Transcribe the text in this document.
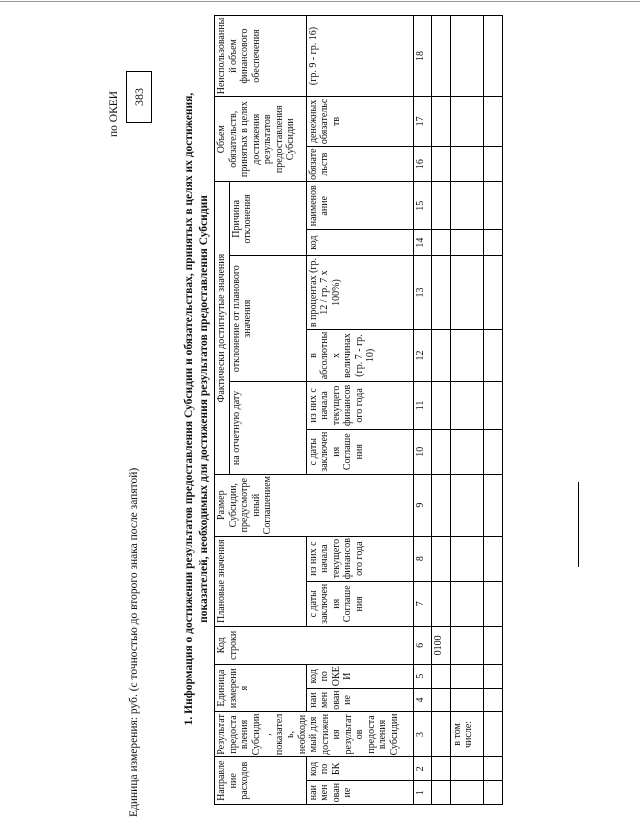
Единица измерения: руб. (с точностью до второго знака после запятой)
по ОКЕИ	383	1. Информация о достижении результатов предоставления Субсидии и обязательствах, принятых в целях их достижения, показателей, необходимых для достижения результатов предоставления Субсидии
Направление расходов		Результат предоставления Субсидии, показатель, необходимый для достижения результатов предоставления Субсидии	Единица измерения		Код строки	Плановые значения		Размер Субсидии, предусмотренный Соглашением	Фактически достигнутые значения						Объем обязательств, принятых в целях достижения результатов предоставления Субсидии		Неиспользованный объем финансового обеспечения
									на отчетную дату		отклонение от планового значения		Причина отклонения				
наименование	код по БК		наименование	код по ОКЕИ		с даты заключения Соглашения	из них с начала текущего финансового года		с даты заключения Соглашения	из них с начала текущего финансового года	в абсолютных величинах (гр. 7 - гр. 10)	в процентах (гр. 12 / гр. 7 x 100%)	код	наименование	обязательств	денежных обязательств	(гр. 9 - гр. 16)
1	2	3	4	5	6	7	8	9	10	11	12	13	14	15	16	17	18
					0100												
		в том числе:															
